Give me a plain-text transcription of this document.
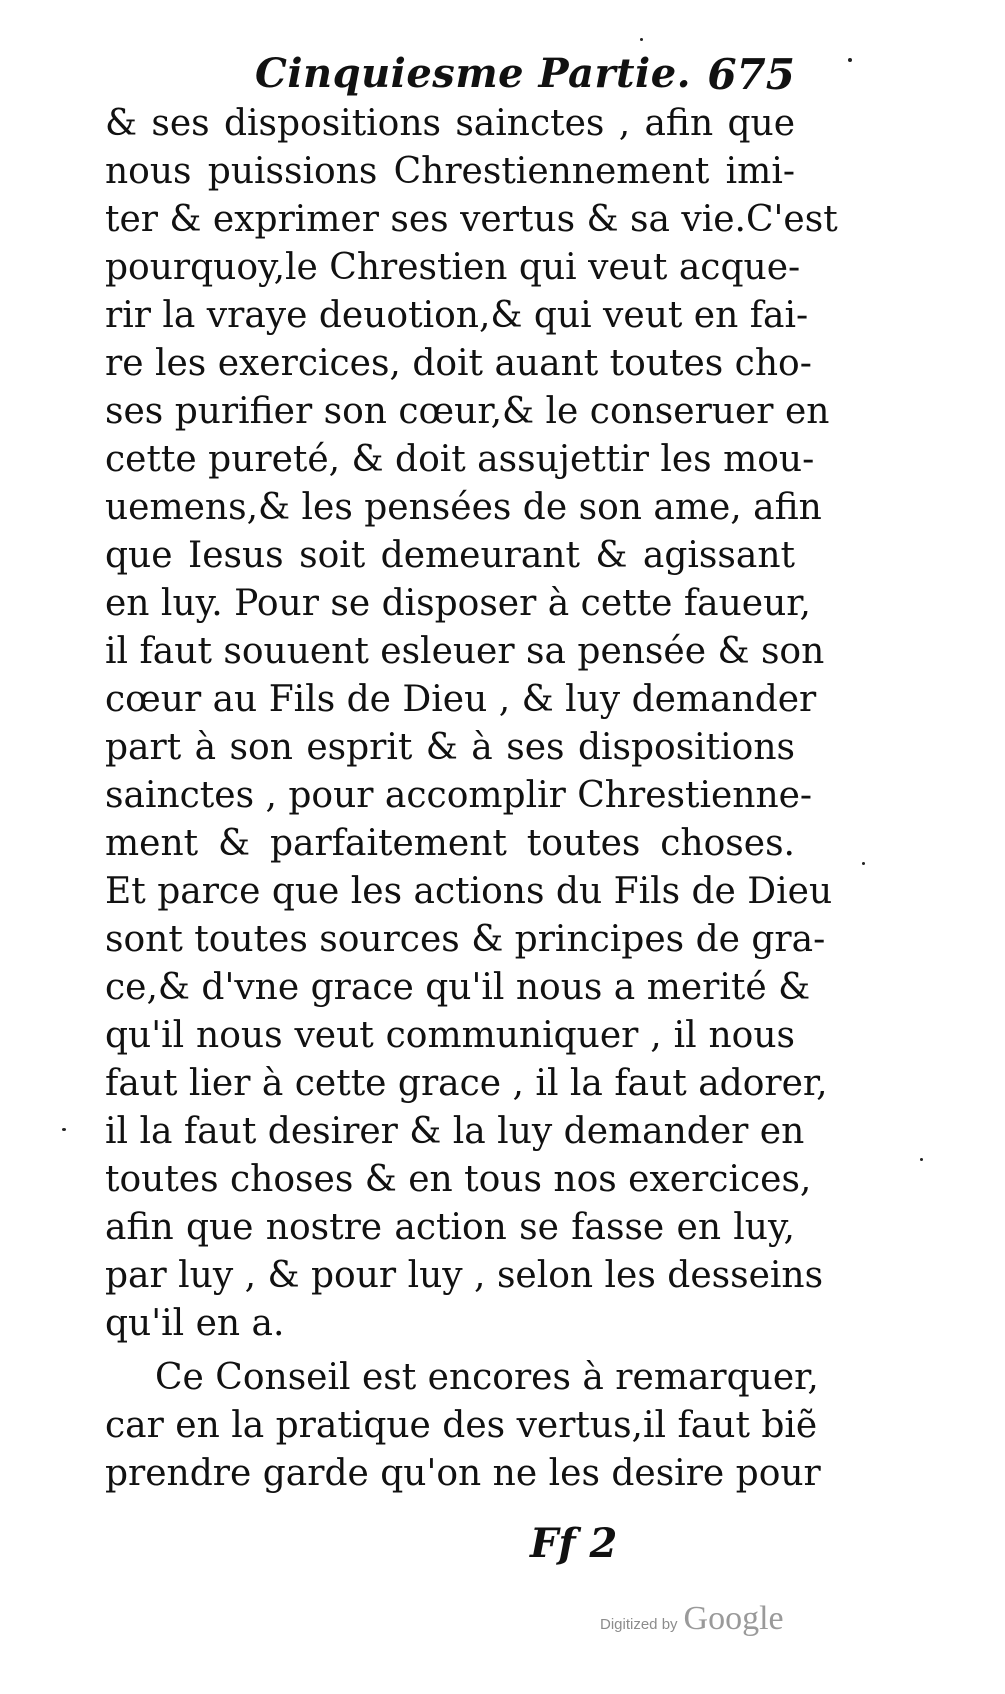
Cinquiesme Partie. 675
& ses dispositions sainctes , afin que
nous puissions Chrestiennement imi-
ter & exprimer ses vertus & sa vie.C'est
pourquoy,le Chrestien qui veut acque-
rir la vraye deuotion,& qui veut en fai-
re les exercices, doit auant toutes cho-
ses purifier son cœur,& le conseruer en
cette pureté, & doit assujettir les mou-
uemens,& les pensées de son ame, afin
que Iesus soit demeurant & agissant
en luy. Pour se disposer à cette faueur,
il faut souuent esleuer sa pensée & son
cœur au Fils de Dieu , & luy demander
part à son esprit & à ses dispositions
sainctes , pour accomplir Chrestienne-
ment & parfaitement toutes choses.
Et parce que les actions du Fils de Dieu
sont toutes sources & principes de gra-
ce,& d'vne grace qu'il nous a merité &
qu'il nous veut communiquer , il nous
faut lier à cette grace , il la faut adorer,
il la faut desirer & la luy demander en
toutes choses & en tous nos exercices,
afin que nostre action se fasse en luy,
par luy , & pour luy , selon les desseins
qu'il en a.
Ce Conseil est encores à remarquer,
car en la pratique des vertus,il faut biẽ
prendre garde qu'on ne les desire pour
Ff 2
Digitized by Google
